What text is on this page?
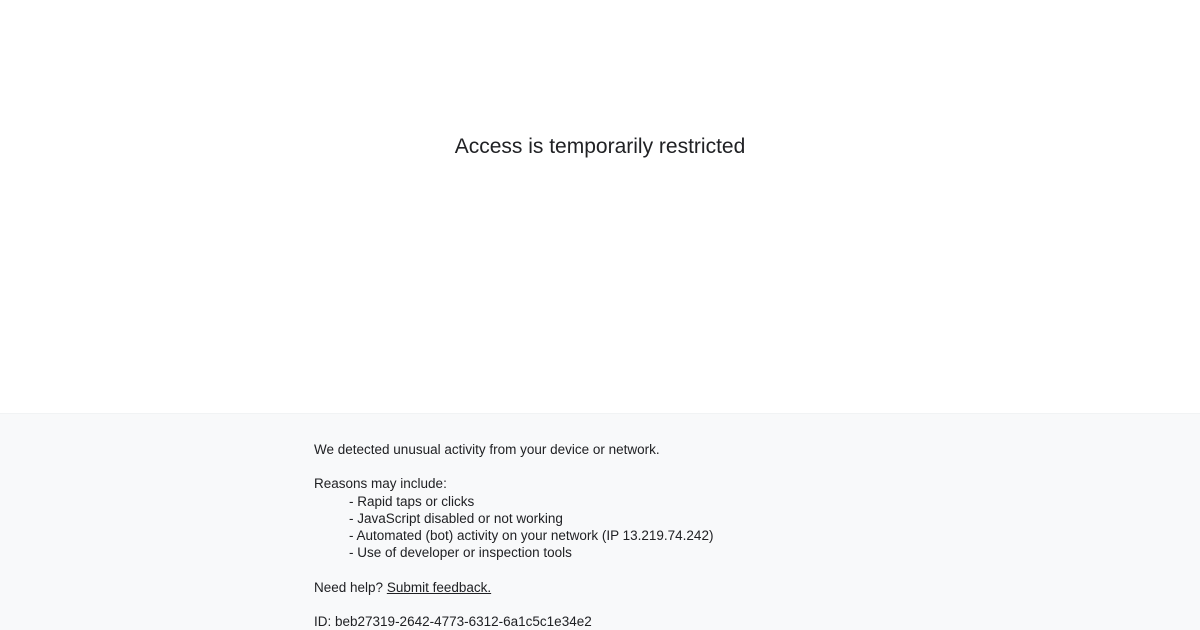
Access is temporarily restricted

We detected unusual activity from your device or network.

Reasons may include:
- Rapid taps or clicks
- JavaScript disabled or not working
- Automated (bot) activity on your network (IP 13.219.74.242)
- Use of developer or inspection tools

Need help? Submit feedback.

ID: beb27319-2642-4773-6312-6a1c5c1e34e2
